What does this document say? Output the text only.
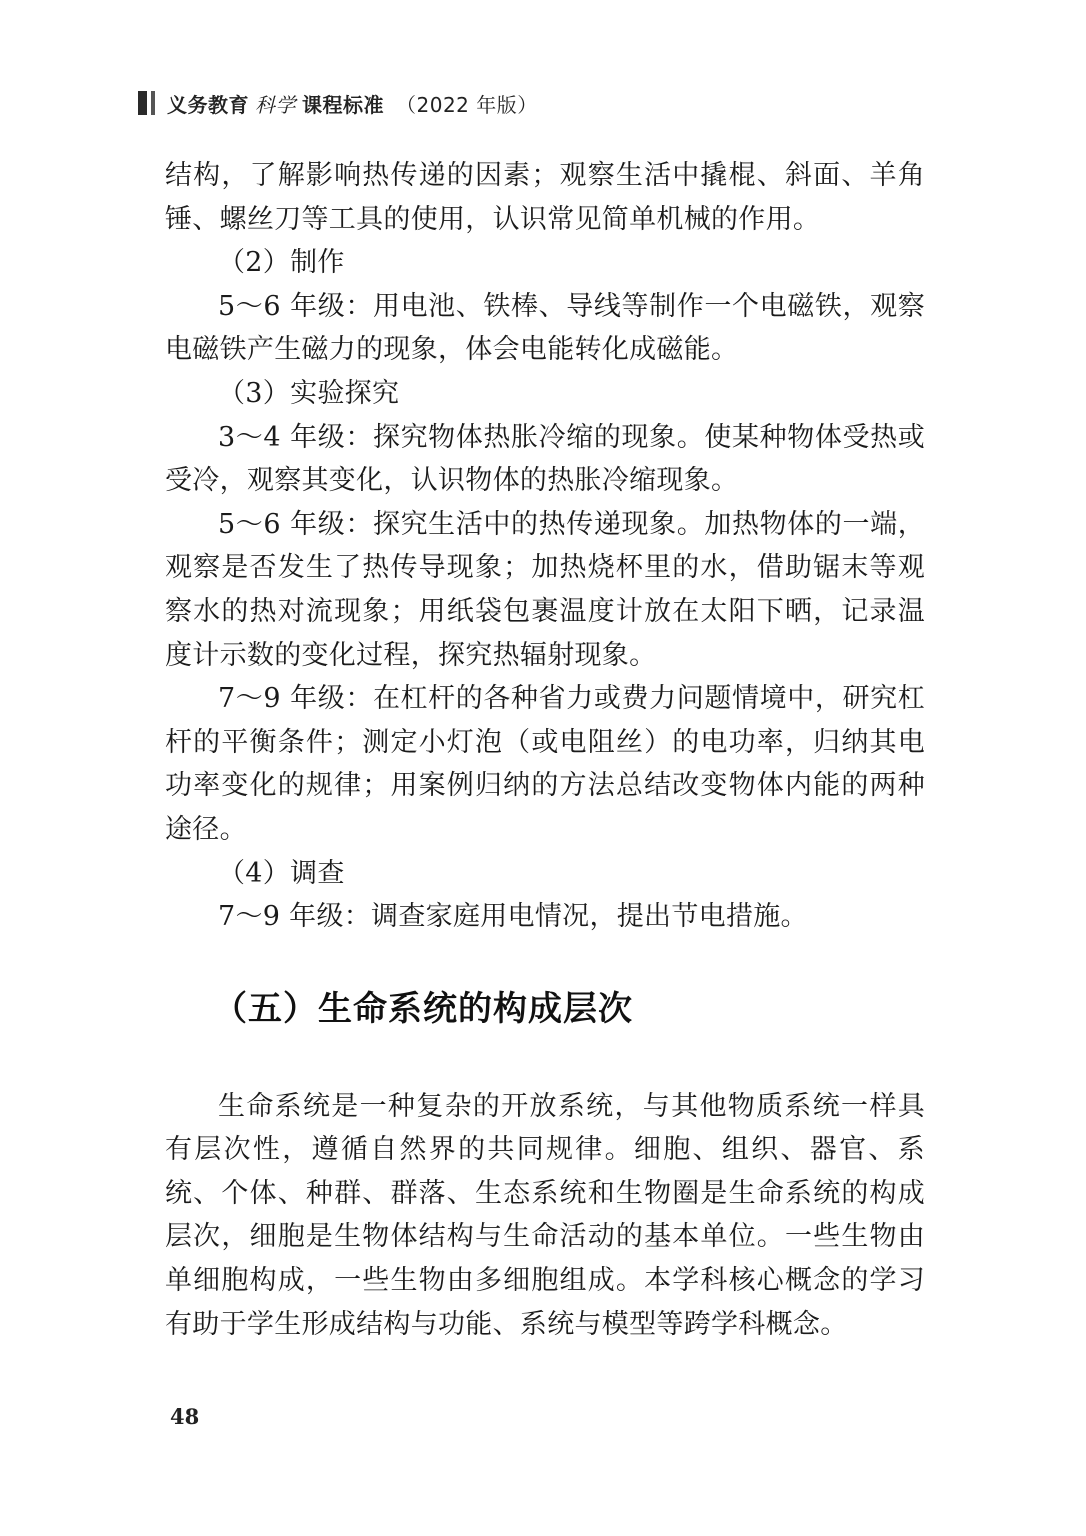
义务教育 科学 课程标准 （2022 年版）

结构，了解影响热传递的因素；观察生活中撬棍、斜面、羊角锤、螺丝刀等工具的使用，认识常见简单机械的作用。

（2）制作

5～6 年级：用电池、铁棒、导线等制作一个电磁铁，观察电磁铁产生磁力的现象，体会电能转化成磁能。

（3）实验探究

3～4 年级：探究物体热胀冷缩的现象。使某种物体受热或受冷，观察其变化，认识物体的热胀冷缩现象。

5～6 年级：探究生活中的热传递现象。加热物体的一端，观察是否发生了热传导现象；加热烧杯里的水，借助锯末等观察水的热对流现象；用纸袋包裹温度计放在太阳下晒，记录温度计示数的变化过程，探究热辐射现象。

7～9 年级：在杠杆的各种省力或费力问题情境中，研究杠杆的平衡条件；测定小灯泡（或电阻丝）的电功率，归纳其电功率变化的规律；用案例归纳的方法总结改变物体内能的两种途径。

（4）调查

7～9 年级：调查家庭用电情况，提出节电措施。

（五）生命系统的构成层次

生命系统是一种复杂的开放系统，与其他物质系统一样具有层次性，遵循自然界的共同规律。细胞、组织、器官、系统、个体、种群、群落、生态系统和生物圈是生命系统的构成层次，细胞是生物体结构与生命活动的基本单位。一些生物由单细胞构成，一些生物由多细胞组成。本学科核心概念的学习有助于学生形成结构与功能、系统与模型等跨学科概念。

48
